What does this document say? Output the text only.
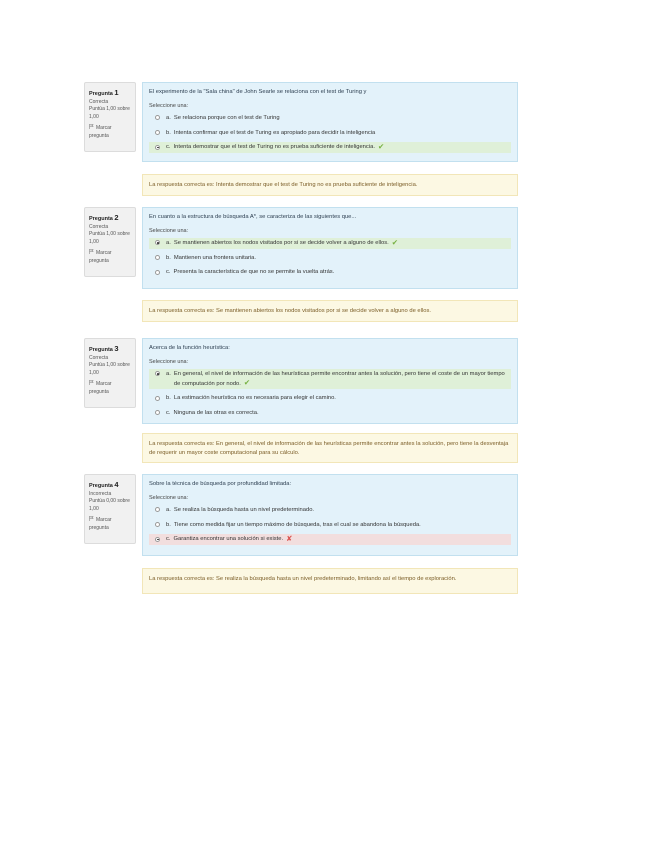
Pregunta 1
Correcta
Puntúa 1,00 sobre 1,00
Marcar pregunta
El experimento de la "Sala china" de John Searle se relaciona con el test de Turing y
Seleccione una:
a. Se relaciona porque con el test de Turing
b. Intenta confirmar que el test de Turing es apropiado para decidir la inteligencia
c. Intenta demostrar que el test de Turing no es prueba suficiente de inteligencia. ✔
La respuesta correcta es: Intenta demostrar que el test de Turing no es prueba suficiente de inteligencia.
Pregunta 2
Correcta
Puntúa 1,00 sobre 1,00
Marcar pregunta
En cuanto a la estructura de búsqueda A*, se caracteriza de las siguientes que...
Seleccione una:
a. Se mantienen abiertos los nodos visitados por si se decide volver a alguno de ellos. ✔
b. Mantienen una frontera unitaria.
c. Presenta la característica de que no se permite la vuelta atrás.
La respuesta correcta es: Se mantienen abiertos los nodos visitados por si se decide volver a alguno de ellos.
Pregunta 3
Correcta
Puntúa 1,00 sobre 1,00
Marcar pregunta
Acerca de la función heurística:
Seleccione una:
a. En general, el nivel de información de las heurísticas permite encontrar antes la solución, pero tiene el coste de un mayor tiempo de computación por nodo. ✔
b. La estimación heurística no es necesaria para elegir el camino.
c. Ninguna de las otras es correcta.
La respuesta correcta es: En general, el nivel de información de las heurísticas permite encontrar antes la solución, pero tiene la desventaja de requerir un mayor coste computacional para su cálculo.
Pregunta 4
Incorrecta
Puntúa 0,00 sobre 1,00
Marcar pregunta
Sobre la técnica de búsqueda por profundidad limitada:
Seleccione una:
a. Se realiza la búsqueda hasta un nivel predeterminado.
b. Tiene como medida fijar un tiempo máximo de búsqueda, tras el cual se abandona la búsqueda.
c. Garantiza encontrar una solución si existe. ✘
La respuesta correcta es: Se realiza la búsqueda hasta un nivel predeterminado, limitando así el tiempo de exploración.
